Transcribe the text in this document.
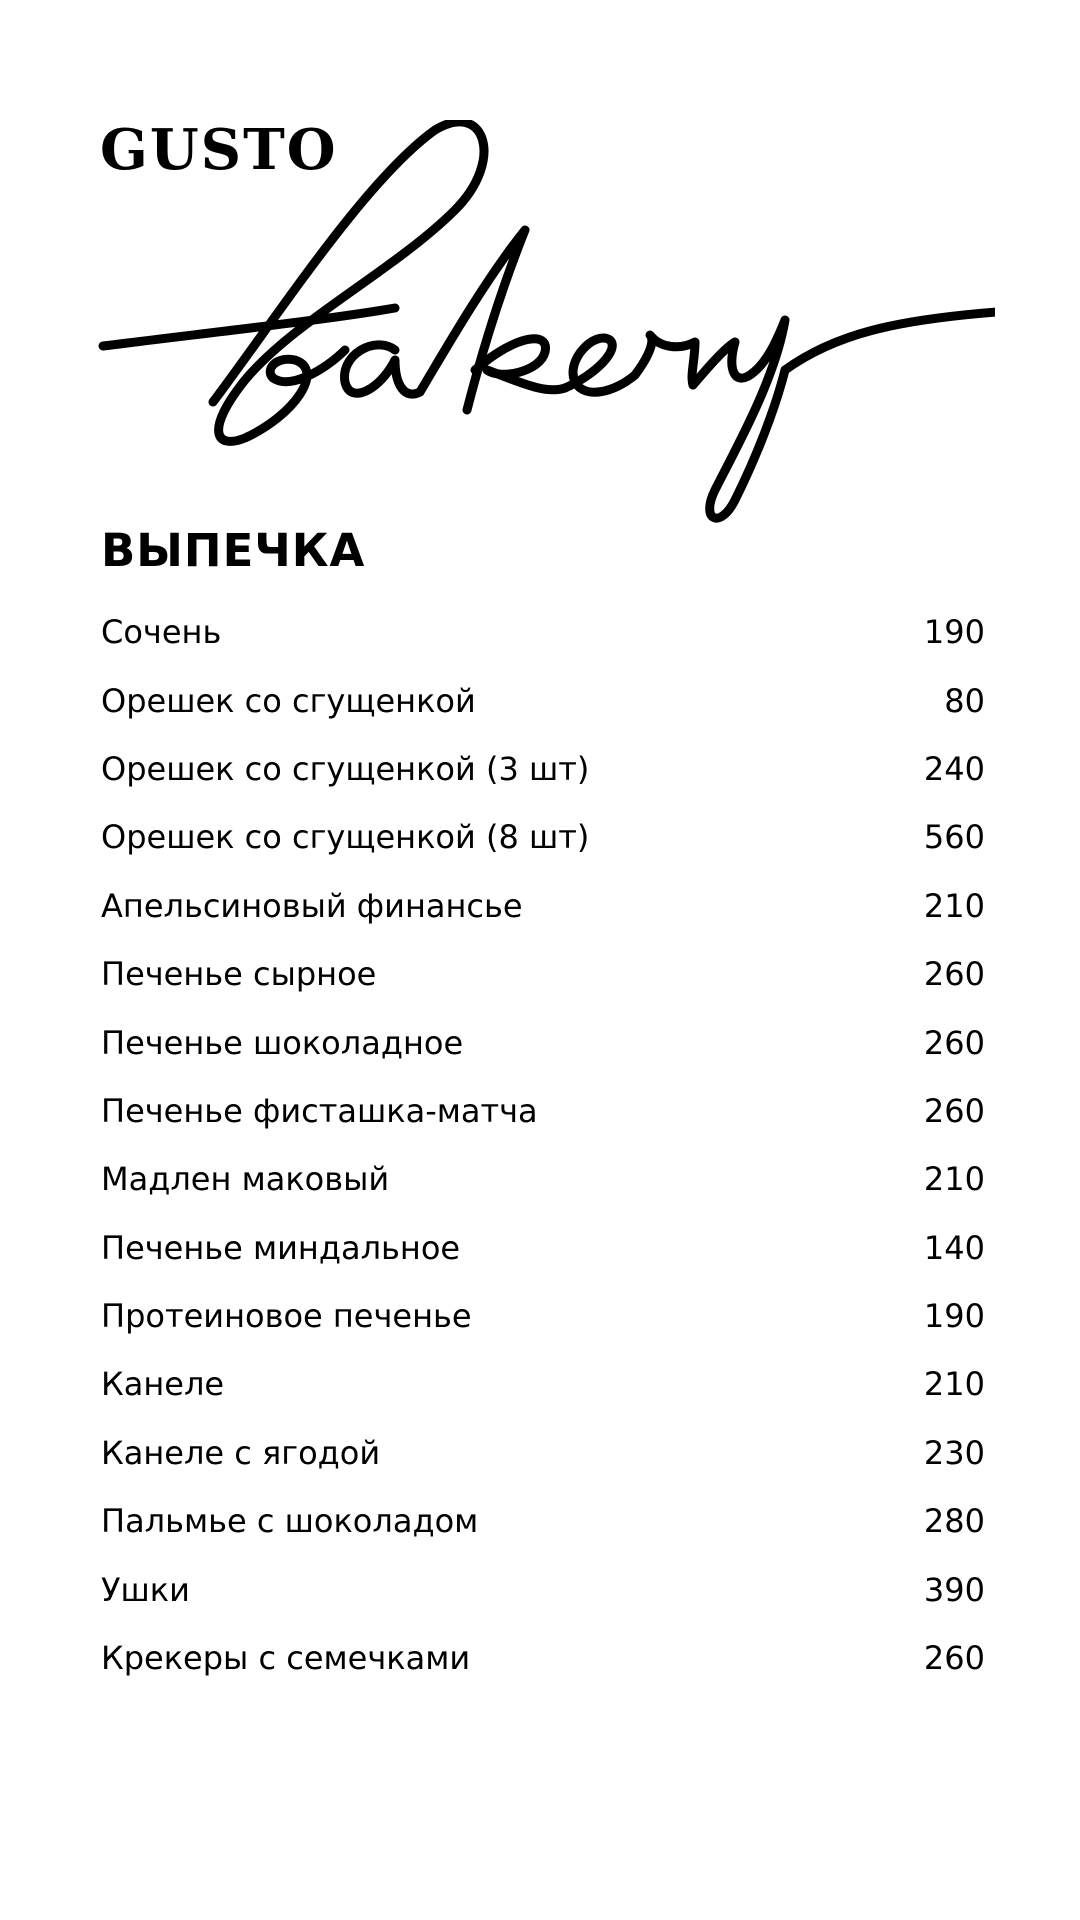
GUSTO
ВЫПЕЧКА
Сочень	190
Орешек со сгущенкой	80
Орешек со сгущенкой (3 шт)	240
Орешек со сгущенкой (8 шт)	560
Апельсиновый финансье	210
Печенье сырное	260
Печенье шоколадное	260
Печенье фисташка-матча	260
Мадлен маковый	210
Печенье миндальное	140
Протеиновое печенье	190
Канеле	210
Канеле с ягодой	230
Пальмье с шоколадом	280
Ушки	390
Крекеры с семечками	260
